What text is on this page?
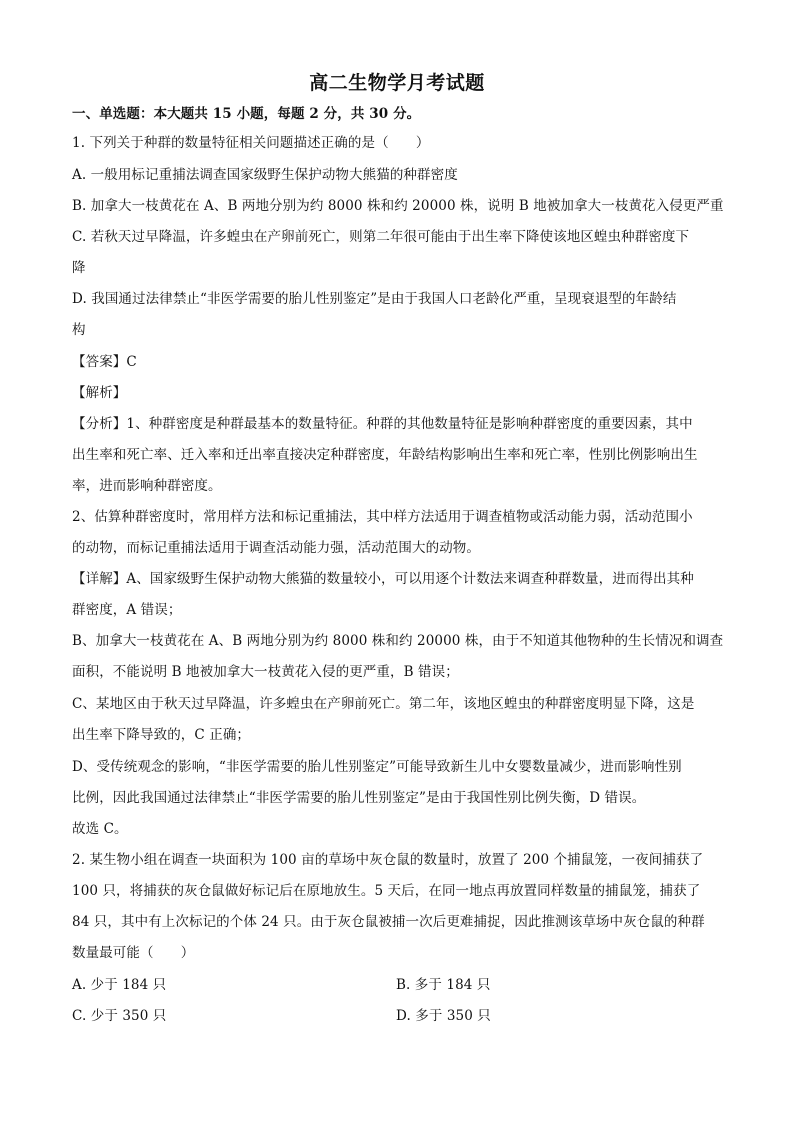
高二生物学月考试题
一、单选题：本大题共 15 小题，每题 2 分，共 30 分。
1. 下列关于种群的数量特征相关问题描述正确的是（　　）
A. 一般用标记重捕法调查国家级野生保护动物大熊猫的种群密度
B. 加拿大一枝黄花在 A、B 两地分别为约 8000 株和约 20000 株，说明 B 地被加拿大一枝黄花入侵更严重
C. 若秋天过早降温，许多蝗虫在产卵前死亡，则第二年很可能由于出生率下降使该地区蝗虫种群密度下
降
D. 我国通过法律禁止“非医学需要的胎儿性别鉴定”是由于我国人口老龄化严重，呈现衰退型的年龄结
构
【答案】C
【解析】
【分析】1、种群密度是种群最基本的数量特征。种群的其他数量特征是影响种群密度的重要因素，其中
出生率和死亡率、迁入率和迁出率直接决定种群密度，年龄结构影响出生率和死亡率，性别比例影响出生
率，进而影响种群密度。
2、估算种群密度时，常用样方法和标记重捕法，其中样方法适用于调查植物或活动能力弱，活动范围小
的动物，而标记重捕法适用于调查活动能力强，活动范围大的动物。
【详解】A、国家级野生保护动物大熊猫的数量较小，可以用逐个计数法来调查种群数量，进而得出其种
群密度，A 错误；
B、加拿大一枝黄花在 A、B 两地分别为约 8000 株和约 20000 株，由于不知道其他物种的生长情况和调查
面积，不能说明 B 地被加拿大一枝黄花入侵的更严重，B 错误；
C、某地区由于秋天过早降温，许多蝗虫在产卵前死亡。第二年，该地区蝗虫的种群密度明显下降，这是
出生率下降导致的，C 正确；
D、受传统观念的影响，“非医学需要的胎儿性别鉴定”可能导致新生儿中女婴数量减少，进而影响性别
比例，因此我国通过法律禁止“非医学需要的胎儿性别鉴定”是由于我国性别比例失衡，D 错误。
故选 C。
2. 某生物小组在调查一块面积为 100 亩的草场中灰仓鼠的数量时，放置了 200 个捕鼠笼，一夜间捕获了
100 只，将捕获的灰仓鼠做好标记后在原地放生。5 天后，在同一地点再放置同样数量的捕鼠笼，捕获了
84 只，其中有上次标记的个体 24 只。由于灰仓鼠被捕一次后更难捕捉，因此推测该草场中灰仓鼠的种群
数量最可能（　　）
A. 少于 184 只	B. 多于 184 只
C. 少于 350 只	D. 多于 350 只
